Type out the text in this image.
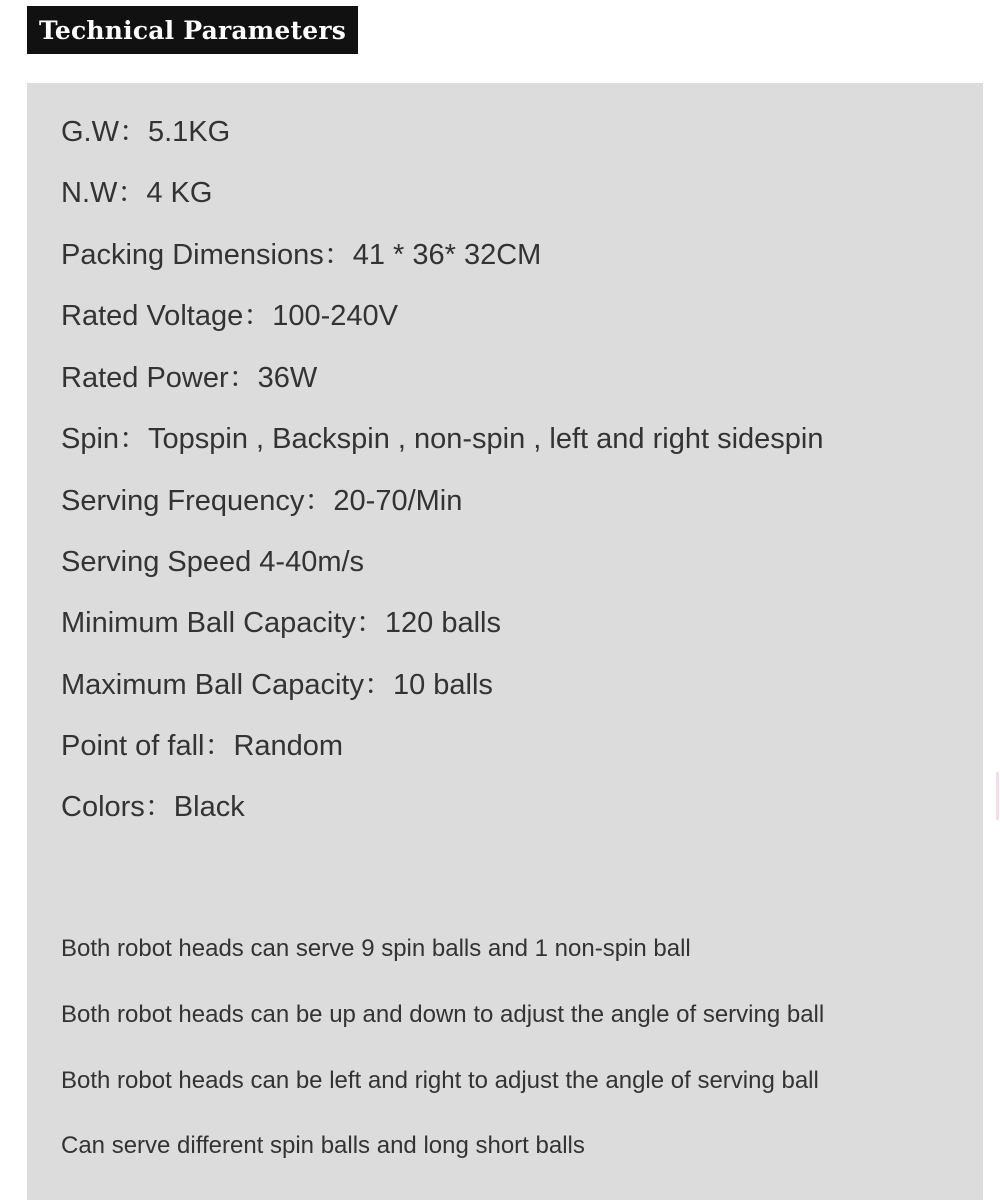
Technical Parameters
G.W：5.1KG
N.W：4 KG
Packing Dimensions：41 * 36* 32CM
Rated Voltage：100-240V
Rated Power：36W
Spin：Topspin , Backspin , non-spin , left and right sidespin
Serving Frequency：20-70/Min
Serving Speed 4-40m/s
Minimum Ball Capacity：120 balls
Maximum Ball Capacity：10 balls
Point of fall：Random
Colors：Black
Both robot heads can serve 9 spin balls and 1 non-spin ball
Both robot heads can be up and down to adjust the angle of serving ball
Both robot heads can be left and right to adjust the angle of serving ball
Can serve different spin balls and long short balls
